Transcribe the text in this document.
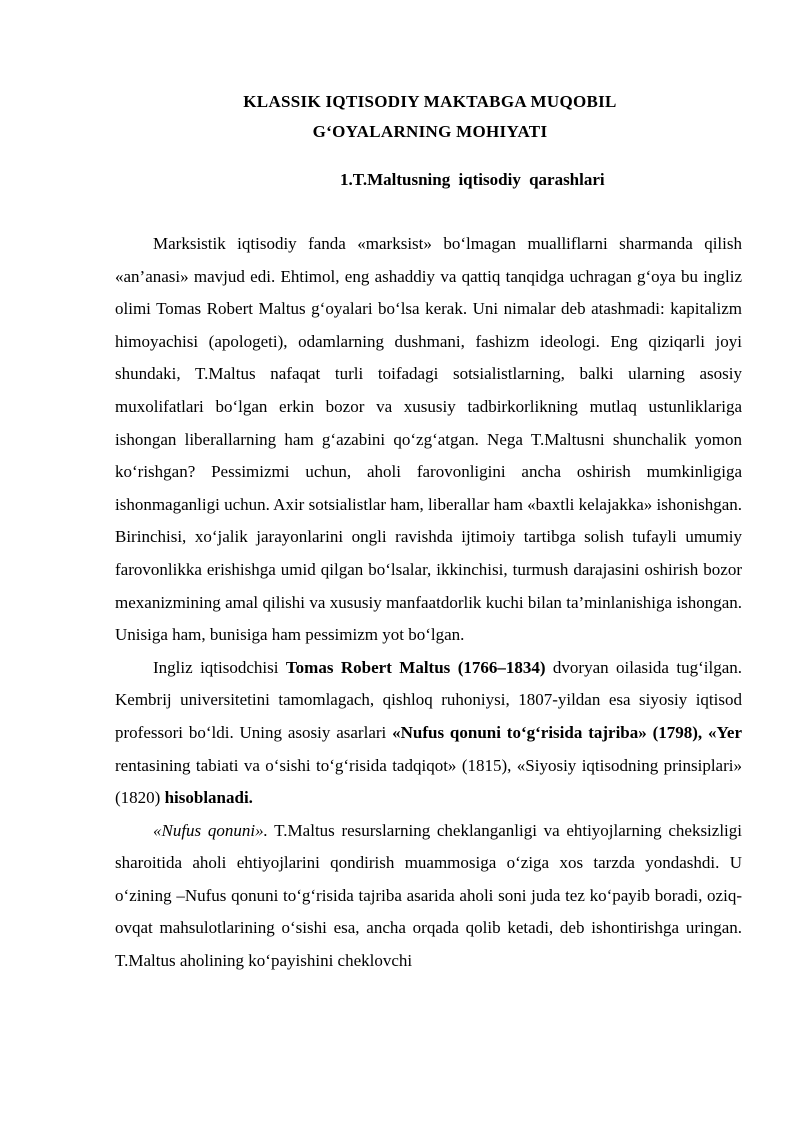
KLASSIK IQTISODIY MAKTABGA MUQOBIL
G‘OYALARNING MOHIYATI
1.T.Maltusning iqtisodiy qarashlari

Marksistik iqtisodiy fanda «marksist» bo‘lmagan mualliflarni sharmanda qilish «an’anasi» mavjud edi. Ehtimol, eng ashaddiy va qattiq tanqidga uchragan g‘oya bu ingliz olimi Tomas Robert Maltus g‘oyalari bo‘lsa kerak. Uni nimalar deb atashmadi: kapitalizm himoyachisi (apologeti), odamlarning dushmani, fashizm ideologi. Eng qiziqarli joyi shundaki, T.Maltus nafaqat turli toifadagi sotsialistlarning, balki ularning asosiy muxolifatlari bo‘lgan erkin bozor va xususiy tadbirkorlikning mutlaq ustunliklariga ishongan liberallarning ham g‘azabini qo‘zg‘atgan. Nega T.Maltusni shunchalik yomon ko‘rishgan? Pessimizmi uchun, aholi farovonligini ancha oshirish mumkinligiga ishonmaganligi uchun. Axir sotsialistlar ham, liberallar ham «baxtli kelajakka» ishonishgan. Birinchisi, xo‘jalik jarayonlarini ongli ravishda ijtimoiy tartibga solish tufayli umumiy farovonlikka erishishga umid qilgan bo‘lsalar, ikkinchisi, turmush darajasini oshirish bozor mexanizmining amal qilishi va xususiy manfaatdorlik kuchi bilan ta’minlanishiga ishongan. Unisiga ham, bunisiga ham pessimizm yot bo‘lgan.

Ingliz iqtisodchisi Tomas Robert Maltus (1766–1834) dvoryan oilasida tug‘ilgan. Kembrij universitetini tamomlagach, qishloq ruhoniysi, 1807-yildan esa siyosiy iqtisod professori bo‘ldi. Uning asosiy asarlari «Nufus qonuni to‘g‘risida tajriba» (1798), «Yer rentasining tabiati va o‘sishi to‘g‘risida tadqiqot» (1815), «Siyosiy iqtisodning prinsiplari» (1820) hisoblanadi.

«Nufus qonuni». T.Maltus resurslarning cheklanganligi va ehtiyojlarning cheksizligi sharoitida aholi ehtiyojlarini qondirish muammosiga o‘ziga xos tarzda yondashdi. U o‘zining –Nufus qonuni to‘g‘risida tajriba asarida aholi soni juda tez ko‘payib boradi, oziq- ovqat mahsulotlarining o‘sishi esa, ancha orqada qolib ketadi, deb ishontirishga uringan. T.Maltus aholining ko‘payishini cheklovchi
